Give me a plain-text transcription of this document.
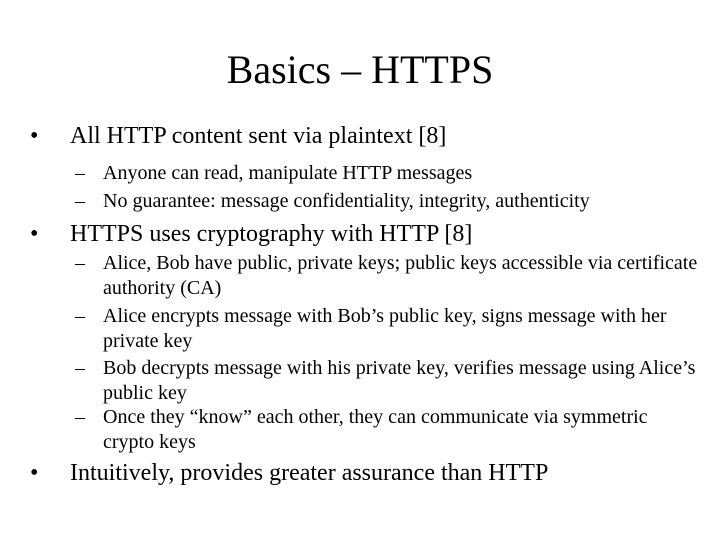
Basics – HTTPS
• All HTTP content sent via plaintext [8]
– Anyone can read, manipulate HTTP messages
– No guarantee: message confidentiality, integrity, authenticity
• HTTPS uses cryptography with HTTP [8]
– Alice, Bob have public, private keys; public keys accessible via certificate authority (CA)
– Alice encrypts message with Bob’s public key, signs message with her private key
– Bob decrypts message with his private key, verifies message using Alice’s public key
– Once they “know” each other, they can communicate via symmetric crypto keys
• Intuitively, provides greater assurance than HTTP
